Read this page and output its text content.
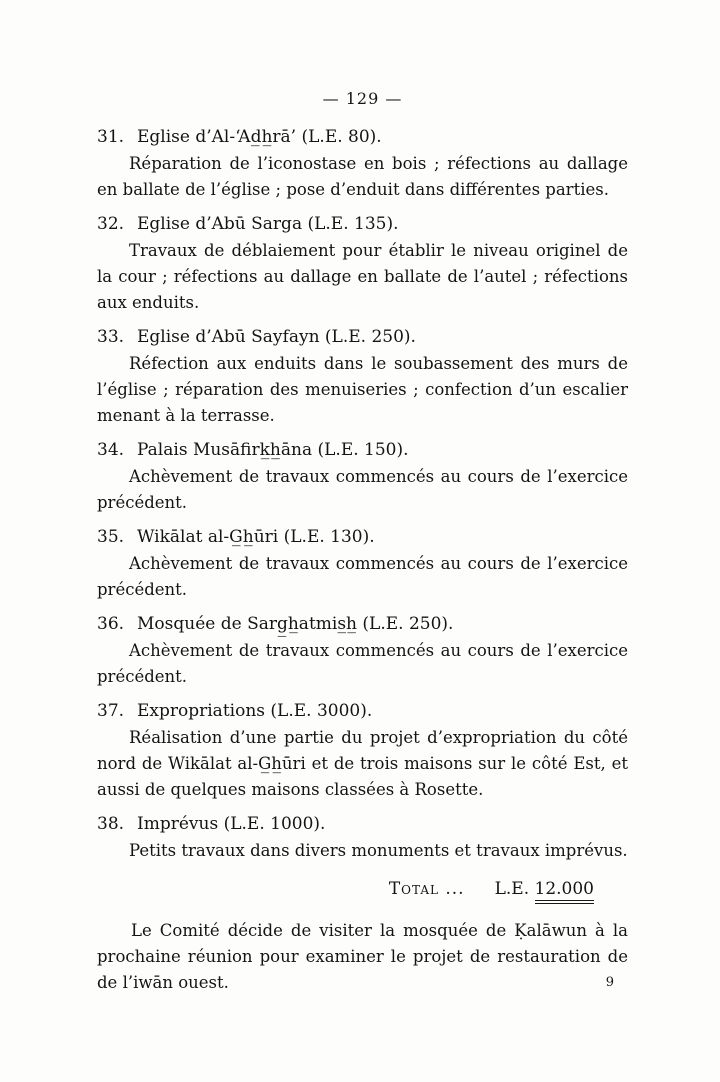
— 129 —
31. Eglise d’Al-‘Ad̲h̲rā’ (L.E. 80).

Réparation de l’iconostase en bois ; réfections au dallage en ballate de l’église ; pose d’enduit dans différentes parties.

32. Eglise d’Abū Sarga (L.E. 135).

Travaux de déblaiement pour établir le niveau originel de la cour ; réfections au dallage en ballate de l’autel ; réfections aux enduits.

33. Eglise d’Abū Sayfayn (L.E. 250).

Réfection aux enduits dans le soubassement des murs de l’église ; réparation des menuiseries ; confection d’un escalier menant à la terrasse.

34. Palais Musāfirk̲h̲āna (L.E. 150).

Achèvement de travaux commencés au cours de l’exercice précédent.

35. Wikālat al-G̲h̲ūri (L.E. 130).

Achèvement de travaux commencés au cours de l’exercice précédent.

36. Mosquée de Sarg̲h̲atmis̲h̲ (L.E. 250).

Achèvement de travaux commencés au cours de l’exercice précédent.

37. Expropriations (L.E. 3000).

Réalisation d’une partie du projet d’expropriation du côté nord de Wikālat al-G̲h̲ūri et de trois maisons sur le côté Est, et aussi de quelques maisons classées à Rosette.

38. Imprévus (L.E. 1000).

Petits travaux dans divers monuments et travaux imprévus.

Total ... L.E. 12.000

Le Comité décide de visiter la mosquée de Ḳalāwun à la prochaine réunion pour examiner le projet de restauration de de l’iwān ouest.	9
